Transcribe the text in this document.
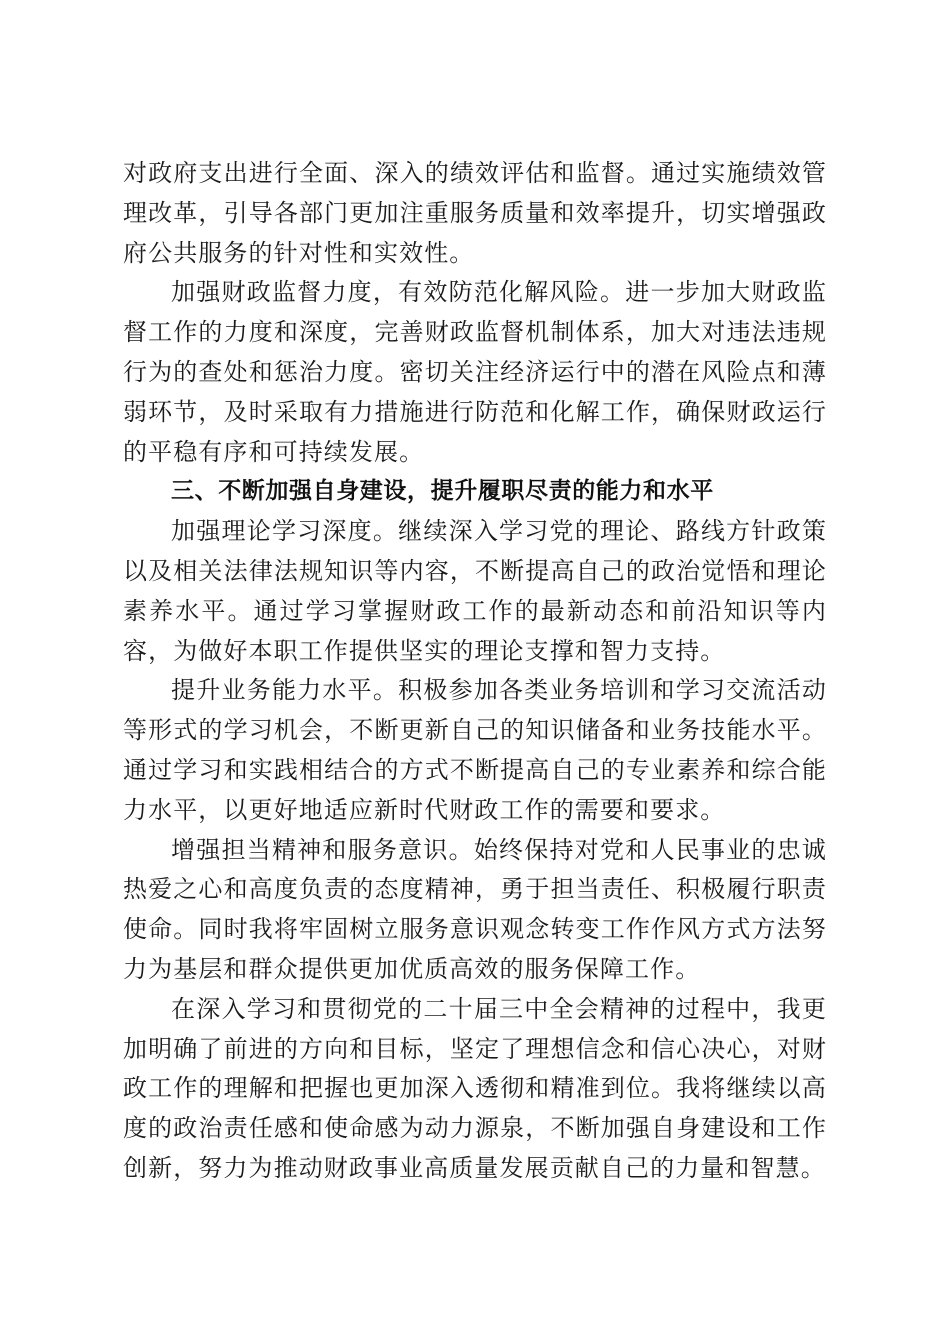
对政府支出进行全面、深入的绩效评估和监督。通过实施绩效管理改革，引导各部门更加注重服务质量和效率提升，切实增强政府公共服务的针对性和实效性。

加强财政监督力度，有效防范化解风险。进一步加大财政监督工作的力度和深度，完善财政监督机制体系，加大对违法违规行为的查处和惩治力度。密切关注经济运行中的潜在风险点和薄弱环节，及时采取有力措施进行防范和化解工作，确保财政运行的平稳有序和可持续发展。

三、不断加强自身建设，提升履职尽责的能力和水平

加强理论学习深度。继续深入学习党的理论、路线方针政策以及相关法律法规知识等内容，不断提高自己的政治觉悟和理论素养水平。通过学习掌握财政工作的最新动态和前沿知识等内容，为做好本职工作提供坚实的理论支撑和智力支持。

提升业务能力水平。积极参加各类业务培训和学习交流活动等形式的学习机会，不断更新自己的知识储备和业务技能水平。通过学习和实践相结合的方式不断提高自己的专业素养和综合能力水平，以更好地适应新时代财政工作的需要和要求。

增强担当精神和服务意识。始终保持对党和人民事业的忠诚热爱之心和高度负责的态度精神，勇于担当责任、积极履行职责使命。同时我将牢固树立服务意识观念转变工作作风方式方法努力为基层和群众提供更加优质高效的服务保障工作。

在深入学习和贯彻党的二十届三中全会精神的过程中，我更加明确了前进的方向和目标，坚定了理想信念和信心决心，对财政工作的理解和把握也更加深入透彻和精准到位。我将继续以高度的政治责任感和使命感为动力源泉，不断加强自身建设和工作创新，努力为推动财政事业高质量发展贡献自己的力量和智慧。
